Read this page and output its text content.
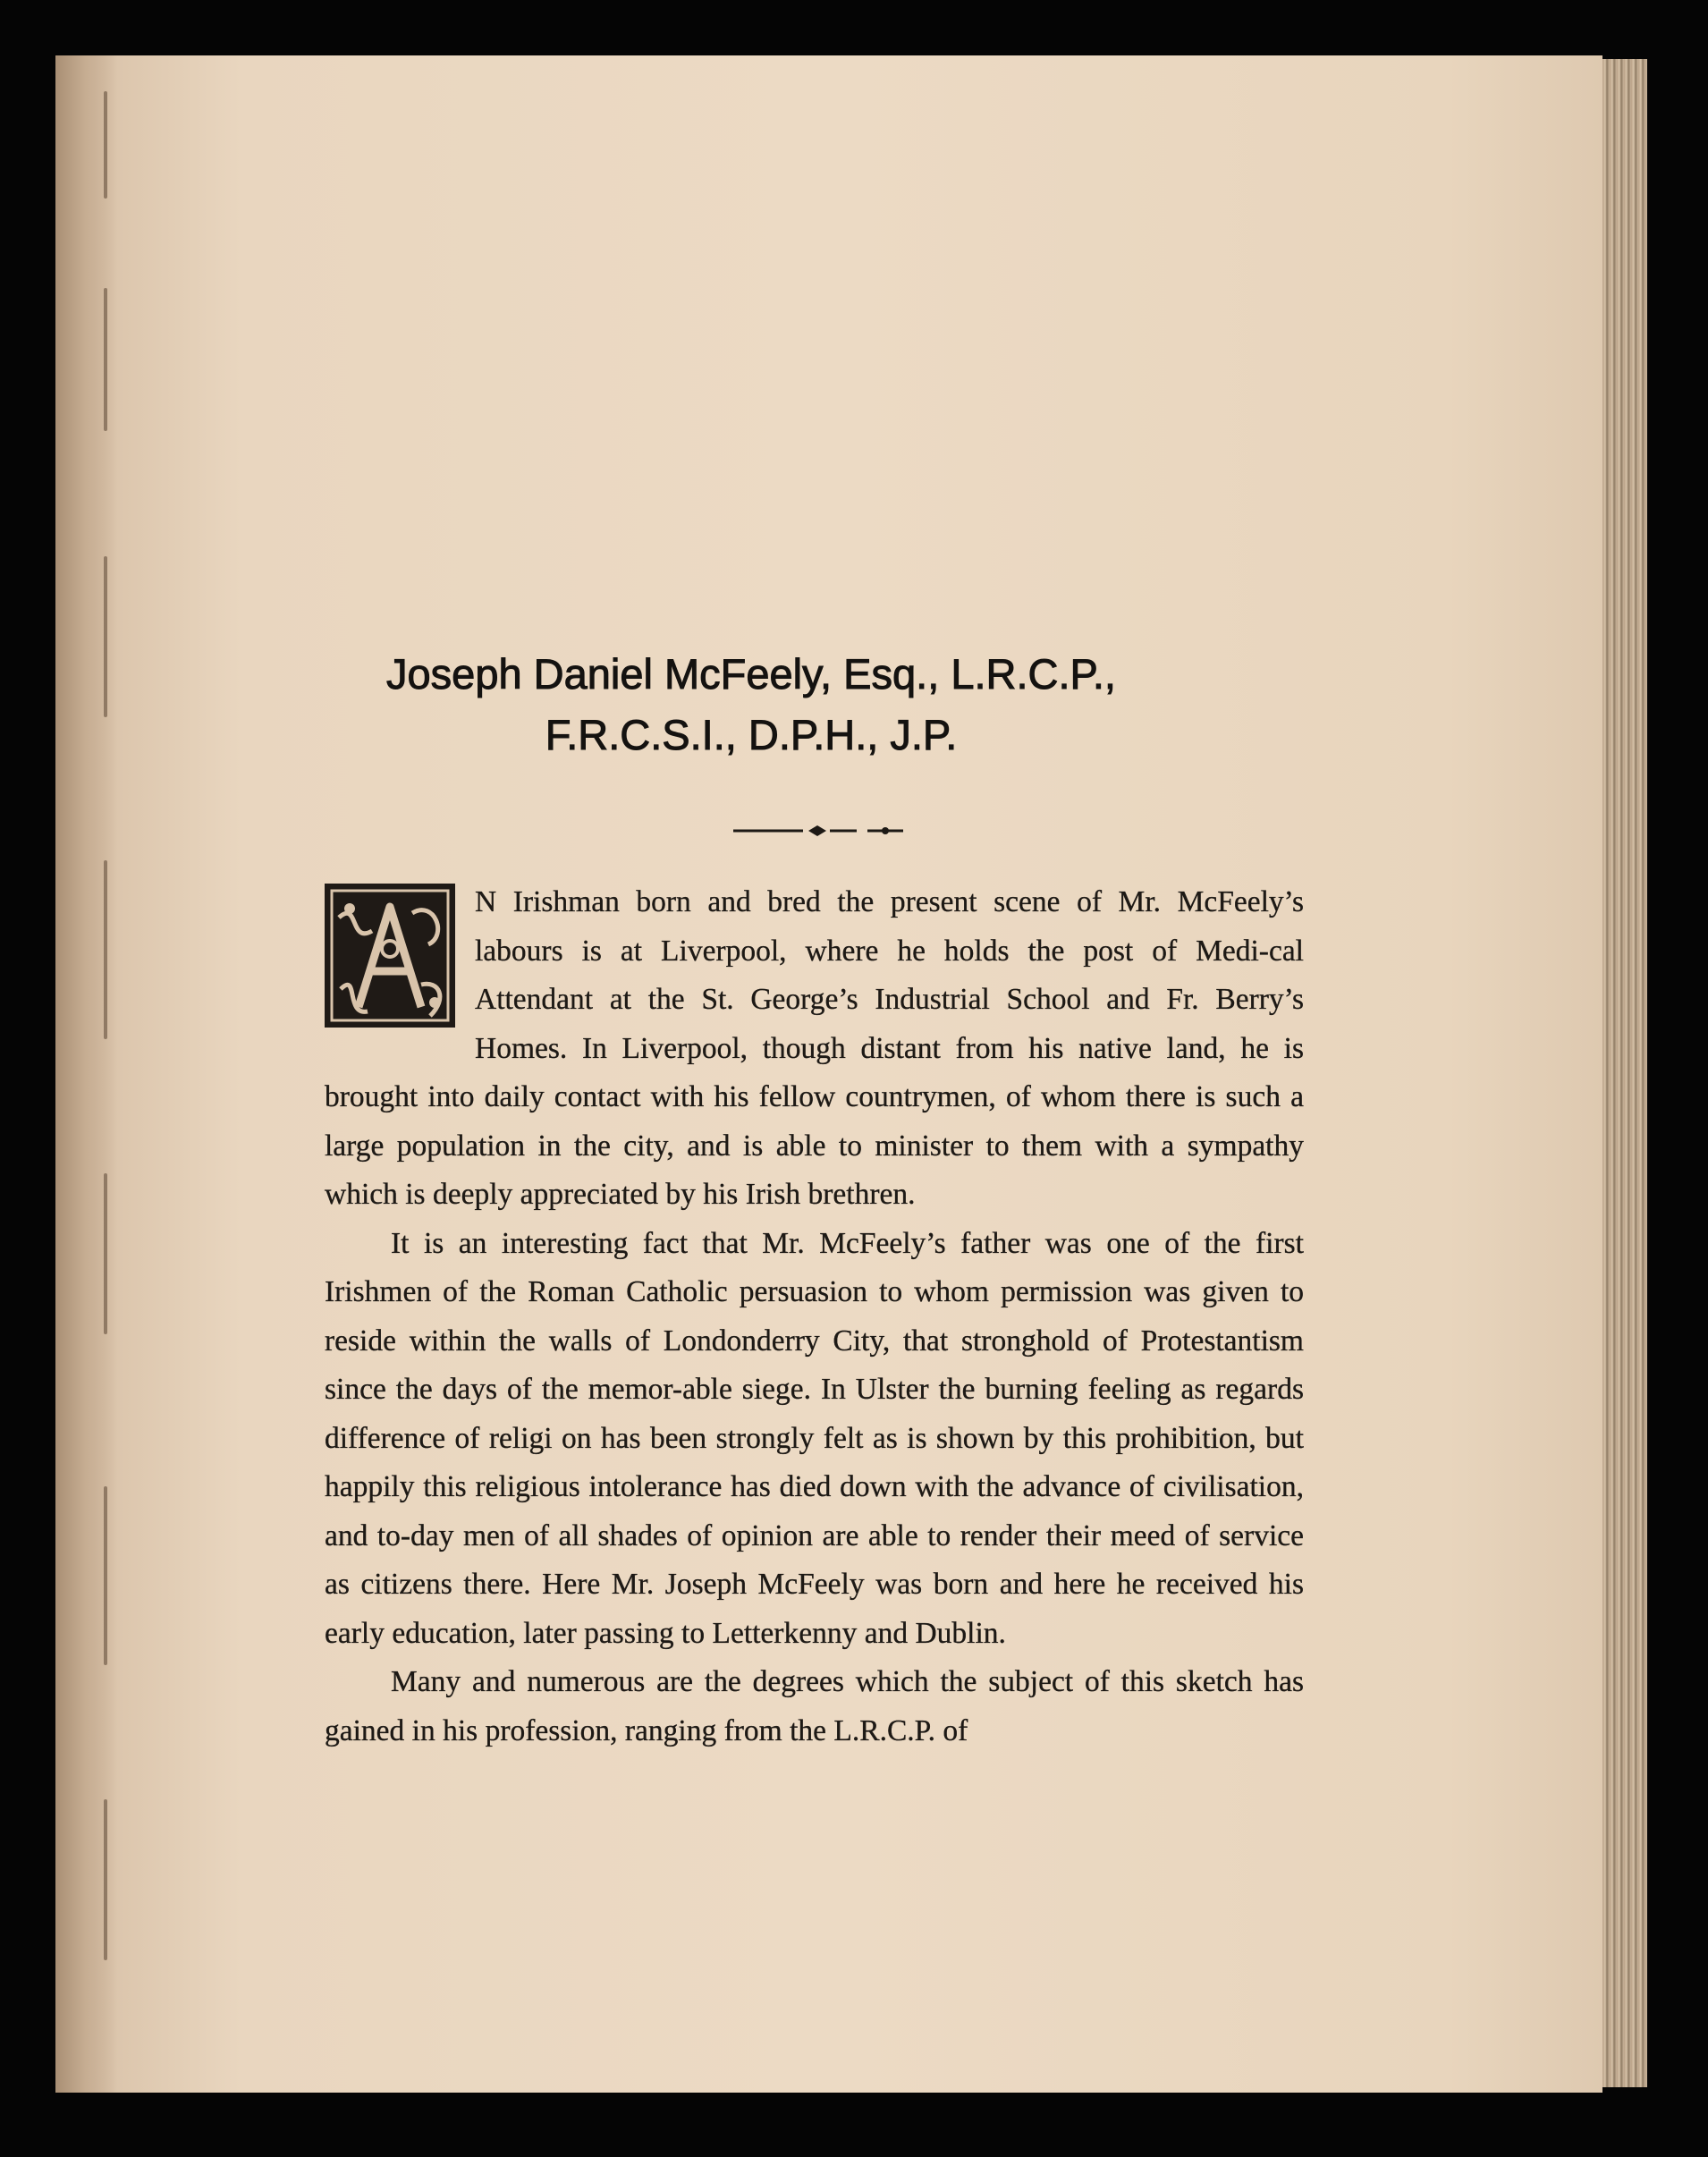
Joseph Daniel McFeely, Esq., L.R.C.P.,
F.R.C.S.I., D.P.H., J.P.

N Irishman born and bred the present scene of Mr. McFeely’s labours is at Liverpool, where he holds the post of Medi-cal Attendant at the St. George’s Industrial School and Fr. Berry’s Homes. In Liverpool, though distant from his native land, he is brought into daily contact with his fellow countrymen, of whom there is such a large population in the city, and is able to minister to them with a sympathy which is deeply appreciated by his Irish brethren.

It is an interesting fact that Mr. McFeely’s father was one of the first Irishmen of the Roman Catholic persuasion to whom permission was given to reside within the walls of Londonderry City, that stronghold of Protestantism since the days of the memor-able siege. In Ulster the burning feeling as regards difference of religi on has been strongly felt as is shown by this prohibition, but happily this religious intolerance has died down with the advance of civilisation, and to-day men of all shades of opinion are able to render their meed of service as citizens there. Here Mr. Joseph McFeely was born and here he received his early education, later passing to Letterkenny and Dublin.

Many and numerous are the degrees which the subject of this sketch has gained in his profession, ranging from the L.R.C.P. of
